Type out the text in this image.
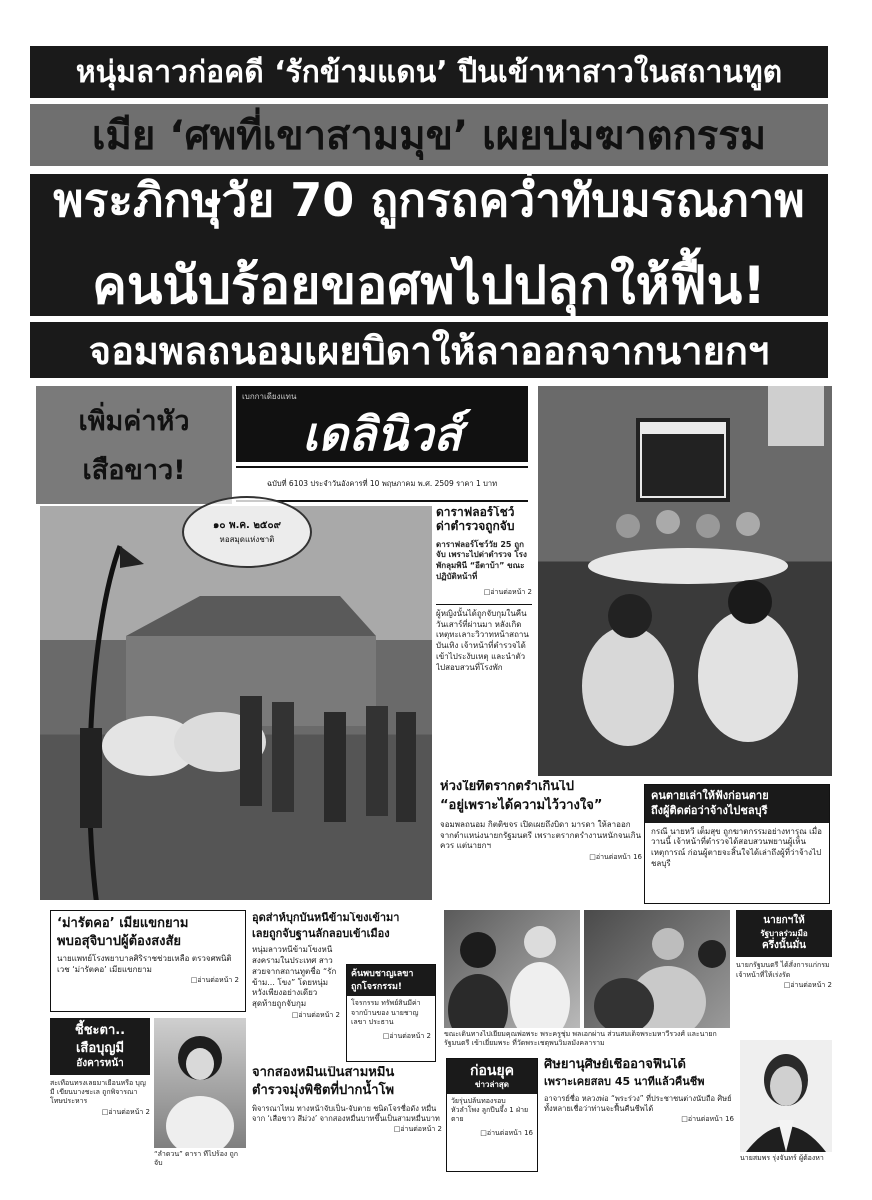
หนุ่มลาวก่อคดี ‘รักข้ามแดน’ ปีนเข้าหาสาวในสถานทูต
เมีย ‘ศพที่เขาสามมุข’ เผยปมฆาตกรรม
พระภิกษุวัย 70 ถูกรถคว่ำทับมรณภาพ
คนนับร้อยขอศพไปปลุกให้ฟื้น!
จอมพลถนอมเผยบิดาให้ลาออกจากนายกฯ
เพิ่มค่าหัว
เสือขาว!
เบกกาเดียงแทน
เดลินิวส์
ฉบับที่ 6103 ประจำวันอังคารที่ 10 พฤษภาคม พ.ศ. 2509 ราคา 1 บาท
๑๐ พ.ค. ๒๕๐๙
หอสมุดแห่งชาติ
ดาราฟลอร์โชว์ ด่าตำรวจถูกจับ
ดาราฟลอร์โชว์วัย 25 ถูกจับ เพราะไปด่าตำรวจ โรงพักลุมพินี “อีตาบ้า” ขณะปฏิบัติหน้าที่
□ อ่านต่อหน้า 2
ผู้หญิงนั้นได้ถูกจับกุมในคืนวันเสาร์ที่ผ่านมา หลังเกิดเหตุทะเลาะวิวาทหน้าสถานบันเทิง เจ้าหน้าที่ตำรวจได้เข้าไประงับเหตุ และนำตัวไปสอบสวนที่โรงพัก
ห่วงใยที่ตรากตรำเกินไป
“อยู่เพราะได้ความไว้วางใจ”
จอมพลถนอม กิตติขจร เปิดเผยถึงบิดา มารดา ให้ลาออกจากตำแหน่งนายกรัฐมนตรี เพราะตรากตรำงานหนักจนเกินควร แต่นายกฯ
□ อ่านต่อหน้า 16
คนตายเล่าให้ฟังก่อนตาย
ถึงผู้ติดต่อว่าจ้างไปชลบุรี
กรณี นายหวี เต็มสุข ถูกฆาตกรรมอย่างทารุณ เมื่อวานนี้ เจ้าหน้าที่ตำรวจได้สอบสวนพยานผู้เห็นเหตุการณ์ ก่อนผู้ตายจะสิ้นใจได้เล่าถึงผู้ที่ว่าจ้างไปชลบุรี
‘ม่ารัตคอ’ เมียแขกยาม
พบอสุจิบาปผู้ต้องสงสัย
นายแพทย์โรงพยาบาลศิริราชช่วยเหลือ ตรวจศพนิติเวช ‘ม่ารัตคอ’ เมียแขกยาม
□ อ่านต่อหน้า 2
อุดส่าห์บุกบั่นหนีข้ามโขงเข้ามา
เลยถูกจับฐานลักลอบเข้าเมือง
หนุ่มลาวหนีข้ามโขงหนีสงครามในประเทศ สาวสวยจากสถานทูตชื่อ “รักข้าม... โขง” โดยหนุ่มหวังเพียงอย่างเดียว สุดท้ายถูกจับกุม
□ อ่านต่อหน้า 2
ค้นพบชาญเลขา
ถูกโจรกรรม!
โจรกรรม ทรัพย์สินมีค่า จากบ้านของ นายชาญ เลขา ประธาน
□ อ่านต่อหน้า 2	ขณะเดินทางไปเยี่ยมคุณพ่อพระ พระครูชุ่ม พลเอกผ่าน ส่วนสมเด็จพระมหาวีรวงศ์ และนายกรัฐมนตรี เข้าเยี่ยมพระ ที่วัดพระเชตุพนวิมลมังคลาราม
นายกฯให้
รัฐบาลร่วมมือ
ครึ่งนั้นมั่น
นายกรัฐมนตรี ได้สั่งการแก่กรมเจ้าหน้าที่ให้เร่งรัด
□ อ่านต่อหน้า 2
ชี้ชะตา..
เสือบุญมี
อังคารหน้า
สะเทือนทรงเลยมาเยือนหรือ บุญมี เขียนบางชะเล ถูกพิจารณาโทษประหาร
□ อ่านต่อหน้า 2
“ลำดวน” ดารา ที่ไปร้อง ถูกจับ
จากสองหมื่นเป็นสามหมื่น
ตำรวจมุ่งพิชิตที่ปากน้ำโพ
พิจารณาไหม ทางหน้าจับเป็น-จับตาย ชนิดโจรชื่อดัง หมื่นจาก ‘เสือขาว สีม่วง’ จากสองหมื่นบาทขึ้นเป็นสามหมื่นบาท
□ อ่านต่อหน้า 2
ก่อนยุค
ข่าวล่าสุด
วัยรุ่นปล้นทองรอบหัวลำโพง ลูกปืนจึ้ง 1 ฝ่ายตาย
□ อ่านต่อหน้า 16
ศิษยานุศิษย์เชื่ออาจฟื้นได้
เพราะเคยสลบ 45 นาทีแล้วคืนชีพ
อาจารย์ชื่อ หลวงพ่อ “พระร่วง” ที่ประชาชนต่างนับถือ ศิษย์ทั้งหลายเชื่อว่าท่านจะฟื้นคืนชีพได้
□ อ่านต่อหน้า 16
นายสมพร รุ่งจันทร์ ผู้ต้องหา
